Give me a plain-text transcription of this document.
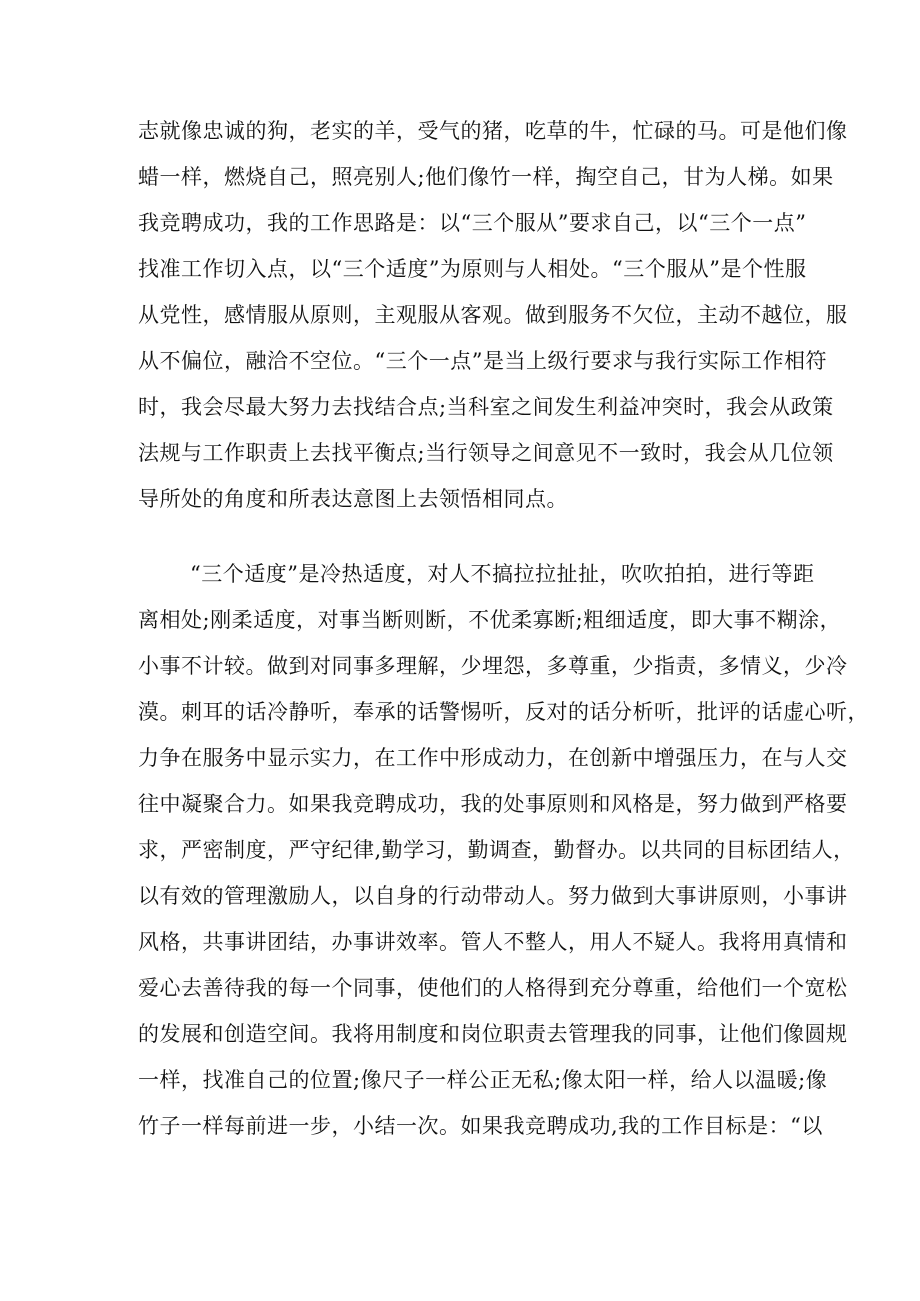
志就像忠诚的狗，老实的羊，受气的猪，吃草的牛，忙碌的马。可是他们像
蜡一样，燃烧自己，照亮别人;他们像竹一样，掏空自己，甘为人梯。如果
我竞聘成功，我的工作思路是：以“三个服从”要求自己，以“三个一点”
找准工作切入点，以“三个适度”为原则与人相处。“三个服从”是个性服
从党性，感情服从原则，主观服从客观。做到服务不欠位，主动不越位，服
从不偏位，融洽不空位。“三个一点”是当上级行要求与我行实际工作相符
时，我会尽最大努力去找结合点;当科室之间发生利益冲突时，我会从政策
法规与工作职责上去找平衡点;当行领导之间意见不一致时，我会从几位领
导所处的角度和所表达意图上去领悟相同点。
“三个适度”是冷热适度，对人不搞拉拉扯扯，吹吹拍拍，进行等距
离相处;刚柔适度，对事当断则断，不优柔寡断;粗细适度，即大事不糊涂，
小事不计较。做到对同事多理解，少埋怨，多尊重，少指责，多情义，少冷
漠。刺耳的话冷静听，奉承的话警惕听，反对的话分析听，批评的话虚心听，
力争在服务中显示实力，在工作中形成动力，在创新中增强压力，在与人交
往中凝聚合力。如果我竞聘成功，我的处事原则和风格是，努力做到严格要
求，严密制度，严守纪律,勤学习，勤调查，勤督办。以共同的目标团结人，
以有效的管理激励人，以自身的行动带动人。努力做到大事讲原则，小事讲
风格，共事讲团结，办事讲效率。管人不整人，用人不疑人。我将用真情和
爱心去善待我的每一个同事，使他们的人格得到充分尊重，给他们一个宽松
的发展和创造空间。我将用制度和岗位职责去管理我的同事，让他们像圆规
一样，找准自己的位置;像尺子一样公正无私;像太阳一样，给人以温暖;像
竹子一样每前进一步，小结一次。如果我竞聘成功,我的工作目标是：“以
